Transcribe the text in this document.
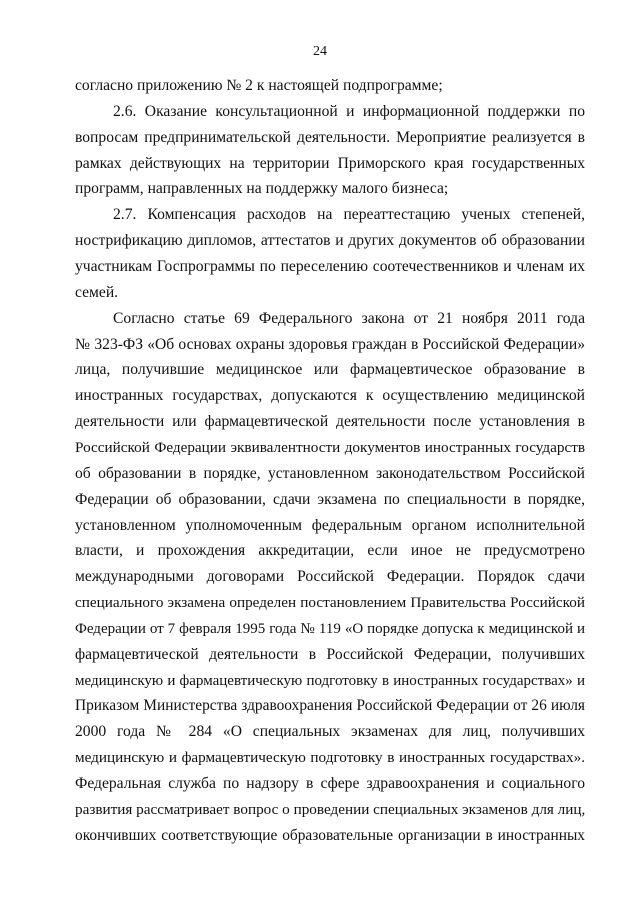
24
согласно приложению № 2 к настоящей подпрограмме;
2.6. Оказание консультационной и информационной поддержки по
вопросам предпринимательской деятельности. Мероприятие реализуется в
рамках действующих на территории Приморского края государственных
программ, направленных на поддержку малого бизнеса;
2.7. Компенсация расходов на переаттестацию ученых степеней,
нострификацию дипломов, аттестатов и других документов об образовании
участникам Госпрограммы по переселению соотечественников и членам их
семей.
Согласно статье 69 Федерального закона от 21 ноября 2011 года
№ 323-ФЗ «Об основах охраны здоровья граждан в Российской Федерации»
лица, получившие медицинское или фармацевтическое образование в
иностранных государствах, допускаются к осуществлению медицинской
деятельности или фармацевтической деятельности после установления в
Российской Федерации эквивалентности документов иностранных государств
об образовании в порядке, установленном законодательством Российской
Федерации об образовании, сдачи экзамена по специальности в порядке,
установленном уполномоченным федеральным органом исполнительной
власти, и прохождения аккредитации, если иное не предусмотрено
международными договорами Российской Федерации. Порядок сдачи
специального экзамена определен постановлением Правительства Российской
Федерации от 7 февраля 1995 года № 119 «О порядке допуска к медицинской и
фармацевтической деятельности в Российской Федерации, получивших
медицинскую и фармацевтическую подготовку в иностранных государствах» и
Приказом Министерства здравоохранения Российской Федерации от 26 июля
2000 года № 284 «О специальных экзаменах для лиц, получивших
медицинскую и фармацевтическую подготовку в иностранных государствах».
Федеральная служба по надзору в сфере здравоохранения и социального
развития рассматривает вопрос о проведении специальных экзаменов для лиц,
окончивших соответствующие образовательные организации в иностранных
